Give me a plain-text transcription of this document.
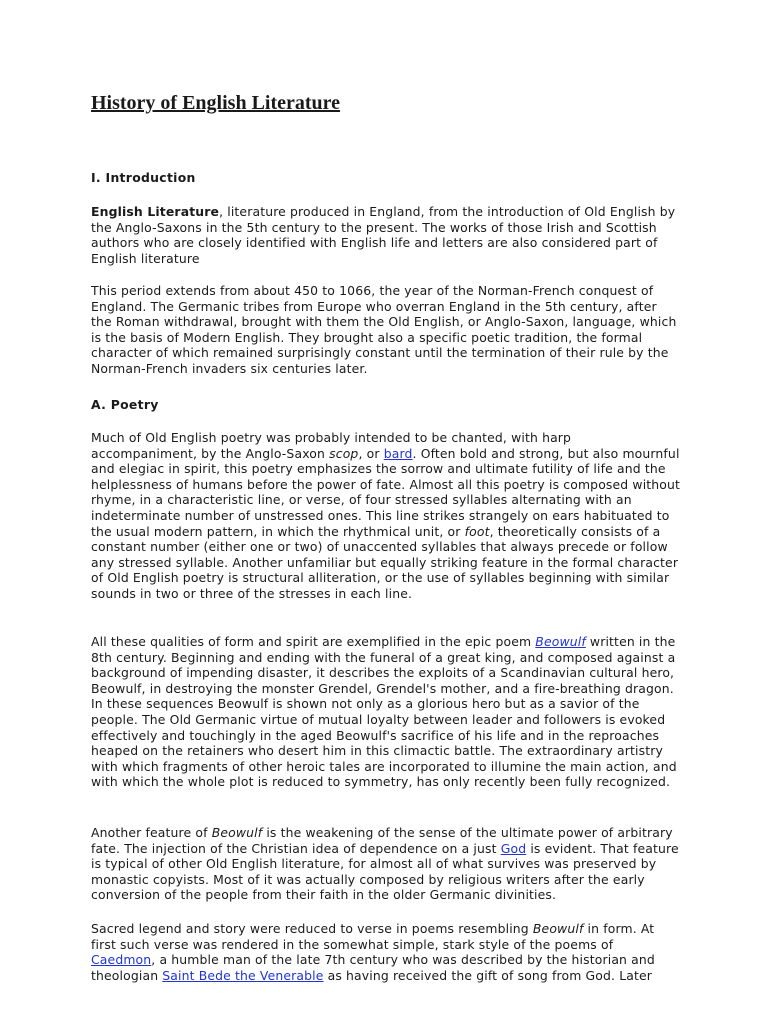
History of English Literature
I. Introduction

English Literature, literature produced in England, from the introduction of Old English by the Anglo-Saxons in the 5th century to the present. The works of those Irish and Scottish authors who are closely identified with English life and letters are also considered part of English literature

This period extends from about 450 to 1066, the year of the Norman-French conquest of England. The Germanic tribes from Europe who overran England in the 5th century, after the Roman withdrawal, brought with them the Old English, or Anglo-Saxon, language, which is the basis of Modern English. They brought also a specific poetic tradition, the formal character of which remained surprisingly constant until the termination of their rule by the Norman-French invaders six centuries later.

A. Poetry

Much of Old English poetry was probably intended to be chanted, with harp accompaniment, by the Anglo-Saxon scop, or bard. Often bold and strong, but also mournful and elegiac in spirit, this poetry emphasizes the sorrow and ultimate futility of life and the helplessness of humans before the power of fate. Almost all this poetry is composed without rhyme, in a characteristic line, or verse, of four stressed syllables alternating with an indeterminate number of unstressed ones. This line strikes strangely on ears habituated to the usual modern pattern, in which the rhythmical unit, or foot, theoretically consists of a constant number (either one or two) of unaccented syllables that always precede or follow any stressed syllable. Another unfamiliar but equally striking feature in the formal character of Old English poetry is structural alliteration, or the use of syllables beginning with similar sounds in two or three of the stresses in each line.

All these qualities of form and spirit are exemplified in the epic poem Beowulf written in the 8th century. Beginning and ending with the funeral of a great king, and composed against a background of impending disaster, it describes the exploits of a Scandinavian cultural hero, Beowulf, in destroying the monster Grendel, Grendel's mother, and a fire-breathing dragon. In these sequences Beowulf is shown not only as a glorious hero but as a savior of the people. The Old Germanic virtue of mutual loyalty between leader and followers is evoked effectively and touchingly in the aged Beowulf's sacrifice of his life and in the reproaches heaped on the retainers who desert him in this climactic battle. The extraordinary artistry with which fragments of other heroic tales are incorporated to illumine the main action, and with which the whole plot is reduced to symmetry, has only recently been fully recognized.

Another feature of Beowulf is the weakening of the sense of the ultimate power of arbitrary fate. The injection of the Christian idea of dependence on a just God is evident. That feature is typical of other Old English literature, for almost all of what survives was preserved by monastic copyists. Most of it was actually composed by religious writers after the early conversion of the people from their faith in the older Germanic divinities.

Sacred legend and story were reduced to verse in poems resembling Beowulf in form. At first such verse was rendered in the somewhat simple, stark style of the poems of Caedmon, a humble man of the late 7th century who was described by the historian and theologian Saint Bede the Venerable as having received the gift of song from God. Later
